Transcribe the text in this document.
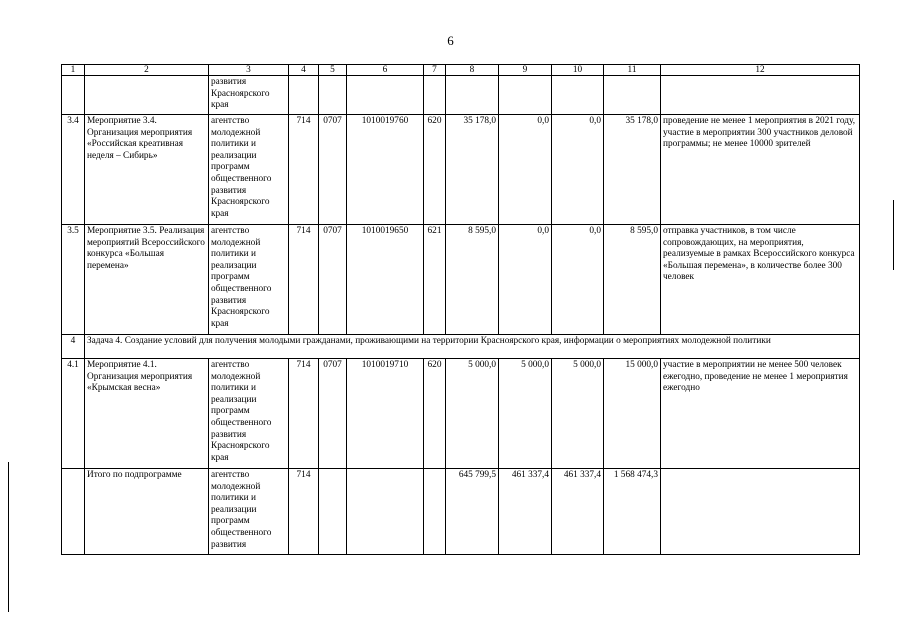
6
1	2	3	4	5	6	7	8	9	10	11	12
		развития Красноярского края									
3.4	Мероприятие 3.4. Организация мероприятия «Российская креативная неделя – Сибирь»	агентство молодежной политики и реализации программ общественного развития Красноярского края	714	0707	1010019760	620	35 178,0	0,0	0,0	35 178,0	проведение не менее 1 мероприятия в 2021 году, участие в мероприятии 300 участников деловой программы; не менее 10000 зрителей
3.5	Мероприятие 3.5. Реализация мероприятий Всероссийского конкурса «Большая перемена»	агентство молодежной политики и реализации программ общественного развития Красноярского края	714	0707	1010019650	621	8 595,0	0,0	0,0	8 595,0	отправка участников, в том числе сопровождающих, на мероприятия, реализуемые в рамках Всероссийского конкурса «Большая перемена», в количестве более 300 человек
4	Задача 4. Создание условий для получения молодыми гражданами, проживающими на территории Красноярского края, информации о мероприятиях молодежной политики										
4.1	Мероприятие 4.1. Организация мероприятия «Крымская весна»	агентство молодежной политики и реализации программ общественного развития Красноярского края	714	0707	1010019710	620	5 000,0	5 000,0	5 000,0	15 000,0	участие в мероприятии не менее 500 человек ежегодно, проведение не менее 1 мероприятия ежегодно
	Итого по подпрограмме	агентство молодежной политики и реализации программ общественного развития	714				645 799,5	461 337,4	461 337,4	1 568 474,3	
